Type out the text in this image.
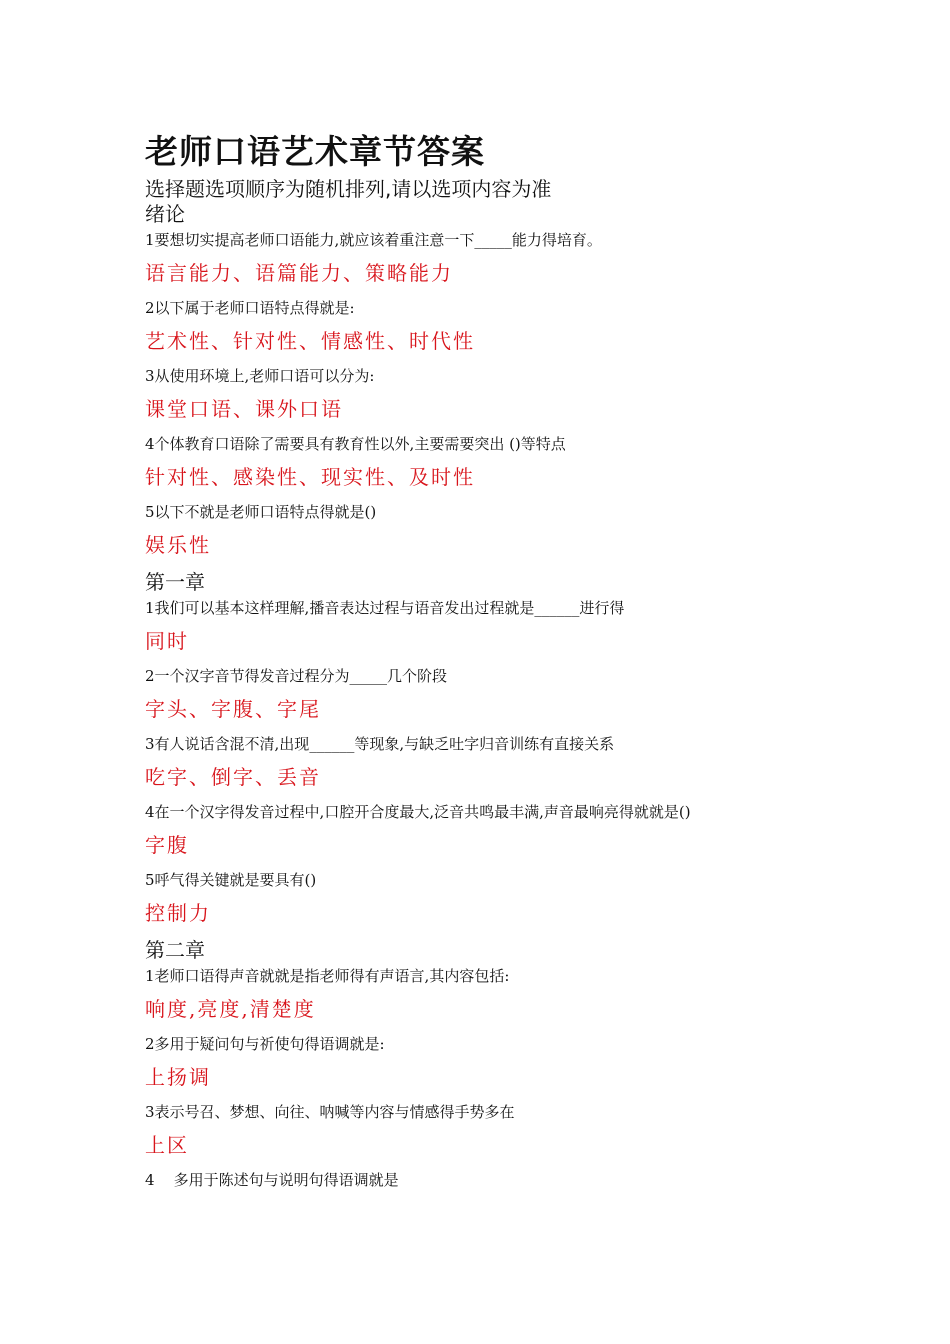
老师口语艺术章节答案

选择题选项顺序为随机排列,请以选项内容为准

绪论

1要想切实提高老师口语能力,就应该着重注意一下_____能力得培育。

语言能力、语篇能力、策略能力

2以下属于老师口语特点得就是:

艺术性、针对性、情感性、时代性

3从使用环境上,老师口语可以分为:

课堂口语、课外口语

4个体教育口语除了需要具有教育性以外,主要需要突出 ()等特点

针对性、感染性、现实性、及时性

5以下不就是老师口语特点得就是()

娱乐性

第一章

1我们可以基本这样理解,播音表达过程与语音发出过程就是______进行得

同时

2一个汉字音节得发音过程分为_____几个阶段

字头、字腹、字尾

3有人说话含混不清,出现______等现象,与缺乏吐字归音训练有直接关系

吃字、倒字、丢音

4在一个汉字得发音过程中,口腔开合度最大,泛音共鸣最丰满,声音最响亮得就就是()

字腹

5呼气得关键就是要具有()

控制力

第二章

1老师口语得声音就就是指老师得有声语言,其内容包括:

响度,亮度,清楚度

2多用于疑问句与祈使句得语调就是:

上扬调

3表示号召、梦想、向往、呐喊等内容与情感得手势多在

上区

4    多用于陈述句与说明句得语调就是
